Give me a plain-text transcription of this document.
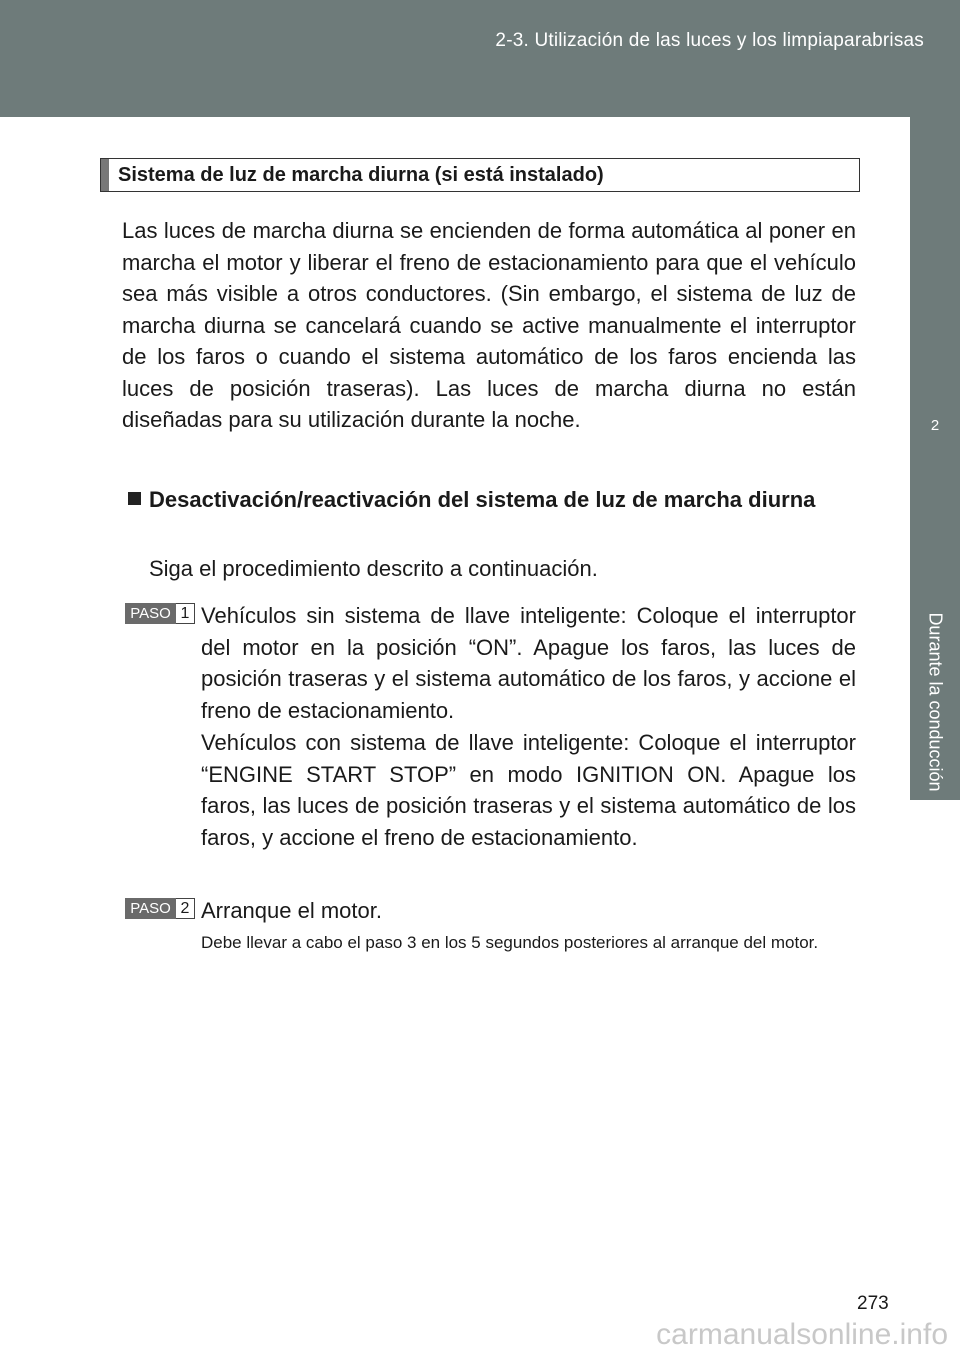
2-3. Utilización de las luces y los limpiaparabrisas
2
Durante la conducción
Sistema de luz de marcha diurna (si está instalado)
Las luces de marcha diurna se encienden de forma automática al poner en marcha el motor y liberar el freno de estacionamiento para que el vehículo sea más visible a otros conductores. (Sin embargo, el sistema de luz de marcha diurna se cancelará cuando se active manualmente el interruptor de los faros o cuando el sistema automático de los faros encienda las luces de posición traseras). Las luces de marcha diurna no están diseñadas para su utilización durante la noche.
Desactivación/reactivación del sistema de luz de marcha diurna
Siga el procedimiento descrito a continuación.
PASO 1 Vehículos sin sistema de llave inteligente: Coloque el interruptor del motor en la posición “ON”. Apague los faros, las luces de posición traseras y el sistema automático de los faros, y accione el freno de estacionamiento.
Vehículos con sistema de llave inteligente: Coloque el interruptor “ENGINE START STOP” en modo IGNITION ON. Apague los faros, las luces de posición traseras y el sistema automático de los faros, y accione el freno de estacionamiento.
PASO 2 Arranque el motor.
Debe llevar a cabo el paso 3 en los 5 segundos posteriores al arranque del motor.
273
carmanualsonline.info
